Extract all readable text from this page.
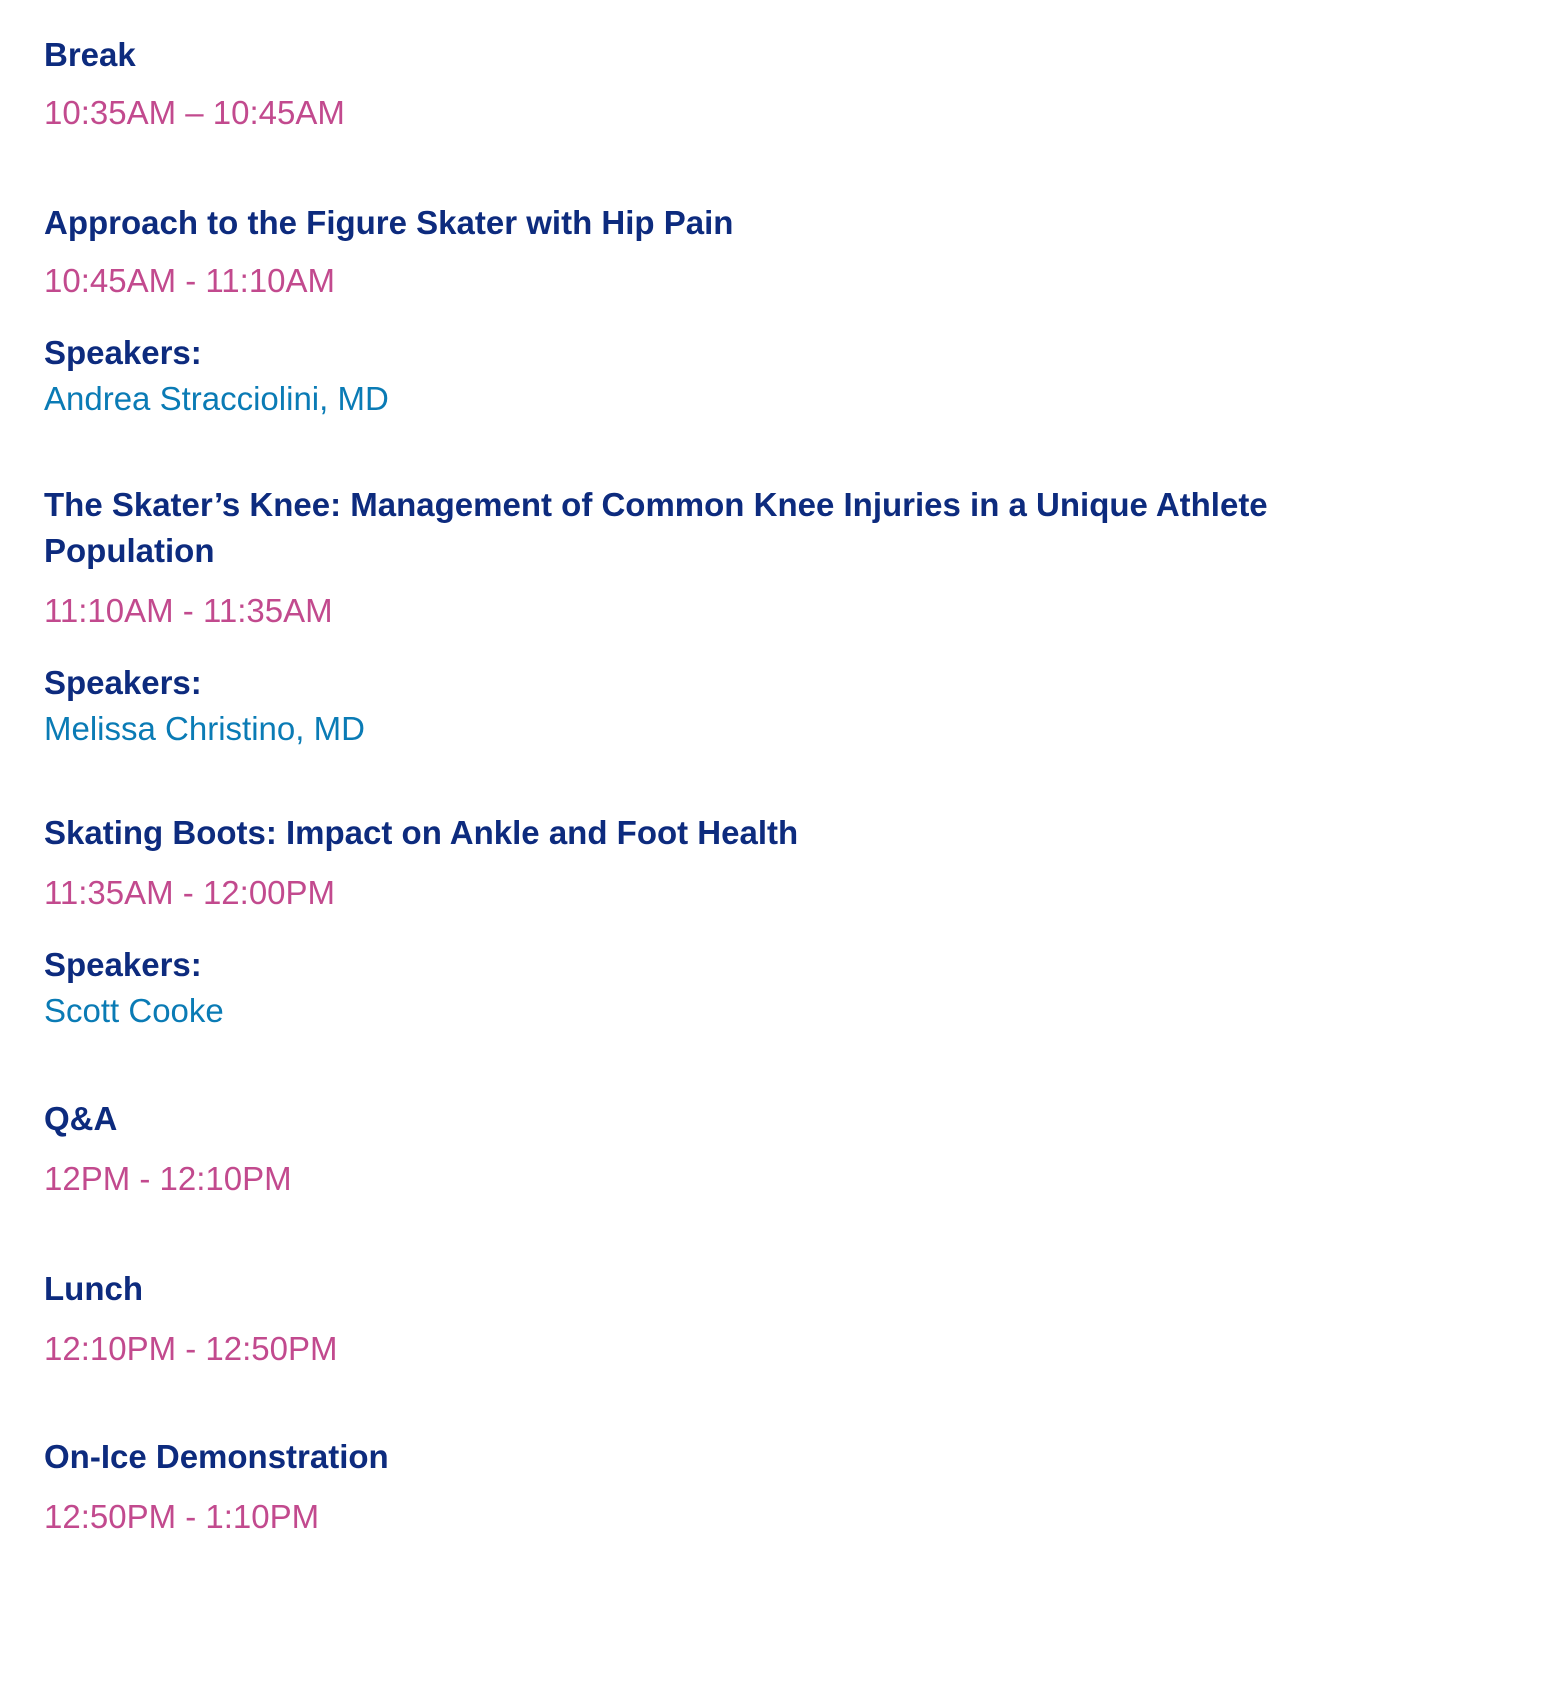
Break

10:35AM – 10:45AM

Approach to the Figure Skater with Hip Pain

10:45AM - 11:10AM

Speakers:

Andrea Stracciolini, MD

The Skater’s Knee: Management of Common Knee Injuries in a Unique Athlete Population

11:10AM - 11:35AM

Speakers:

Melissa Christino, MD

Skating Boots: Impact on Ankle and Foot Health

11:35AM - 12:00PM

Speakers:

Scott Cooke

Q&A

12PM - 12:10PM

Lunch

12:10PM - 12:50PM

On-Ice Demonstration

12:50PM - 1:10PM
